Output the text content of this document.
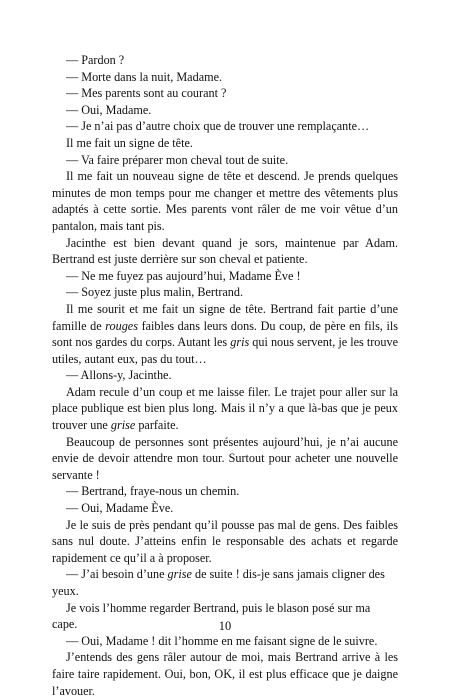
— Pardon ?

— Morte dans la nuit, Madame.

— Mes parents sont au courant ?

— Oui, Madame.

— Je n’ai pas d’autre choix que de trouver une remplaçante…

Il me fait un signe de tête.

— Va faire préparer mon cheval tout de suite.

Il me fait un nouveau signe de tête et descend. Je prends quelques minutes de mon temps pour me changer et mettre des vêtements plus adaptés à cette sortie. Mes parents vont râler de me voir vêtue d’un pantalon, mais tant pis.

Jacinthe est bien devant quand je sors, maintenue par Adam. Bertrand est juste derrière sur son cheval et patiente.

— Ne me fuyez pas aujourd’hui, Madame Ève !

— Soyez juste plus malin, Bertrand.

Il me sourit et me fait un signe de tête. Bertrand fait partie d’une famille de rouges faibles dans leurs dons. Du coup, de père en fils, ils sont nos gardes du corps. Autant les gris qui nous servent, je les trouve utiles, autant eux, pas du tout…

— Allons-y, Jacinthe.

Adam recule d’un coup et me laisse filer. Le trajet pour aller sur la place publique est bien plus long. Mais il n’y a que là-bas que je peux trouver une grise parfaite.

Beaucoup de personnes sont présentes aujourd’hui, je n’ai aucune envie de devoir attendre mon tour. Surtout pour acheter une nouvelle servante !

— Bertrand, fraye-nous un chemin.

— Oui, Madame Ève.

Je le suis de près pendant qu’il pousse pas mal de gens. Des faibles sans nul doute. J’atteins enfin le responsable des achats et regarde rapidement ce qu’il a à proposer.

— J’ai besoin d’une grise de suite ! dis-je sans jamais cligner des yeux.

Je vois l’homme regarder Bertrand, puis le blason posé sur ma cape.

— Oui, Madame ! dit l’homme en me faisant signe de le suivre.

J’entends des gens râler autour de moi, mais Bertrand arrive à les faire taire rapidement. Oui, bon, OK, il est plus efficace que je daigne l’avouer.

10
